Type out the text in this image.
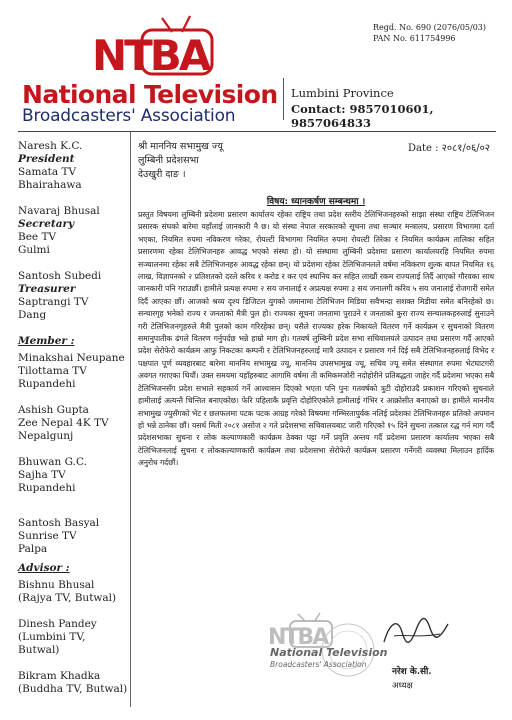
Regd. No. 690 (2076/05/03)
PAN No. 611754996
NTBA
National Television
Broadcasters' Association
Lumbini Province
Contact: 9857010601, 9857064833
Naresh K.C.
President
Samata TV
Bhairahawa
Navaraj Bhusal
Secretary
Bee TV
Gulmi
Santosh Subedi
Treasurer
Saptrangi TV
Dang
Member :
Minakshai Neupane
Tilottama TV
Rupandehi
Ashish Gupta
Zee Nepal 4K TV
Nepalgunj
Bhuwan G.C.
Sajha TV
Rupandehi
Santosh Basyal
Sunrise TV
Palpa
Advisor :
Bishnu Bhusal
(Rajya TV, Butwal)
Dinesh Pandey
(Lumbini TV, Butwal)
Bikram Khadka
(Buddha TV, Butwal)
Date : २०८१/०६/०२
श्री माननिय सभामुख ज्यू
लुम्बिनी प्रदेशसभा
देउखुरी दाङ ।
विषय: ध्यानकर्षण सम्बन्धमा ।
प्रस्तुत विषयमा लुम्बिनी प्रदेशमा प्रसारण कार्यालय रहेका राष्ट्रिय तथा प्रदेश स्तरीय टेलिभिजनहरुको साझा संस्था राष्ट्रिय टेलिभिजन प्रसारक संघको बारेमा यहाँलाई जानकारी नै छ। यो संस्था नेपाल सरकारको सूचना तथा सञ्चार मन्त्रालय, प्रसारण विभागमा दर्ता भएका, नियमित रुपमा नविकरण गरेका, रोयल्टी विभागमा नियमित रुपमा रोयल्टी तिरेका र नियमित कार्यक्रम तालिका सहित प्रसारणमा रहेका टेलिभिजनहरु आवद्ध भएको संस्था हो। यो संस्थामा लुम्बिनी प्रदेशमा प्रसारण कार्यालयरहि नियमित रुपमा सञ्चालनमा रहेका सबै टेलिभिजनहरु आवद्ध रहेका छन्। यो प्रदेशमा रहेका टेलिभिजनलले वर्षमा नविकरण शुल्क बापत नियमित १६ लाख, विज्ञापनको २ प्रतिशतको दरले करिव १ करोड र कर एवं स्थानिय कर सहित लाखौं रकम राज्यलाई तिर्दै आएको गौरवका साथ जानकारी पनि गराउछौं। हामीले प्रत्यक्ष रुपमा २ सय जनालाई र अप्रत्यक्ष रुपमा ३ सय जनालगी करिव ५ सय जनालाई रोजगारी समेत दिदैं आएका छौं। आजको श्रव्य दृश्य डिजिटल युगको जमानामा टेलिभिजन मिडिया सवैभन्दा सशक्त मिडीया समेत बनिरहेको छ। सन्चारगृह भनेको राज्य र जनताको मैत्री पुल हो। राज्यका सूचना जनतामा पुराउने र जनताको कुरा राज्य सन्चालकहरुलाई सुनाउने गरी टेलिभिजनगृहरुले मैत्री पुलको काम गरिरहेका छन्। यसैले राज्यका हरेक निकायले वितरण गर्ने कार्यक्रम र सुचनाको वितरण समानुपातीक ढंगले वितरण गर्नुपर्दछ भन्ने हाम्रो माग हो। गतवर्ष लुम्बिनी प्रदेश सभा सचिवालयले उत्पादन तथा प्रसारण गर्दै आएको प्रदेश सेरोफेरो कार्यक्रम आफु निकटका कम्पनी र टेलिभिजनहरुलाई मात्रै उत्पादन र प्रसारण गर्न दिई सबै टेलिभिजनहरुलाई विभेद र पक्षपात पूर्ण व्यवहारबाट बारेमा माननिय सभामुख ज्यू, माननिय उपसभामुख ज्यू, सचिव ज्यू समेत संस्थागत रुपमा भेटघाटगरी अवगत गराएका थियौं। उक्त समयमा यहाँहरुबाट आगामि वर्षमा ती कमिकमजोरी नदोहोरीने प्रतिबद्धता जाहेर गर्दै प्रदेशमा भएका सबै टेलिभिजनसँग प्रदेश सभाले सहकार्य गर्ने आश्वासन दिएको भएता पनि पुनः गतवर्षको त्रुटी दोहोराउदै प्रकाशन गरिएको सुचनाले हामीलाई अत्यन्तै चिन्तित बनाएकोछ। फेरि पहिलाकै प्रवृत्ति दोहोरिएकोले हामीलाई गंभिर र आक्रोसीत बनाएको छ। हामीले माननीय सभामुख ज्युसँगको भेट र छलफलमा पटक पटक आग्रह गरेको विषयमा गम्भिरतापुर्वक नलिई प्रदेशका टेलिभिजनहरु प्रतिको अपमान हो भन्ने ठानेका छौं। यसर्थ मिती २०८१ असोज २ गते प्रदेशसभा सचिवालयबाट जारी गरिएको १५ दिने सुचना तत्काल रद्ध गर्न माग गर्दै प्रदेशसभाका सुचना र लोक कल्याणकारी कार्यक्रम ठेक्का पट्टा गर्ने प्रवृति अन्तय गर्दै प्रदेशमा प्रसारण कार्यालय भएका सबै टेलिभिजनलाई सुचना र लोककल्याणकारी कार्यक्रम तथा प्रदेशसभा सेरोफेरो कार्यक्रम प्रसारण गर्नेगरी व्यवस्था मिलाउन हार्दिक अनुरोध गर्दछौं।
NTBA
National Television
Broadcasters' Association
नरेश के.सी.
अध्यक्ष
